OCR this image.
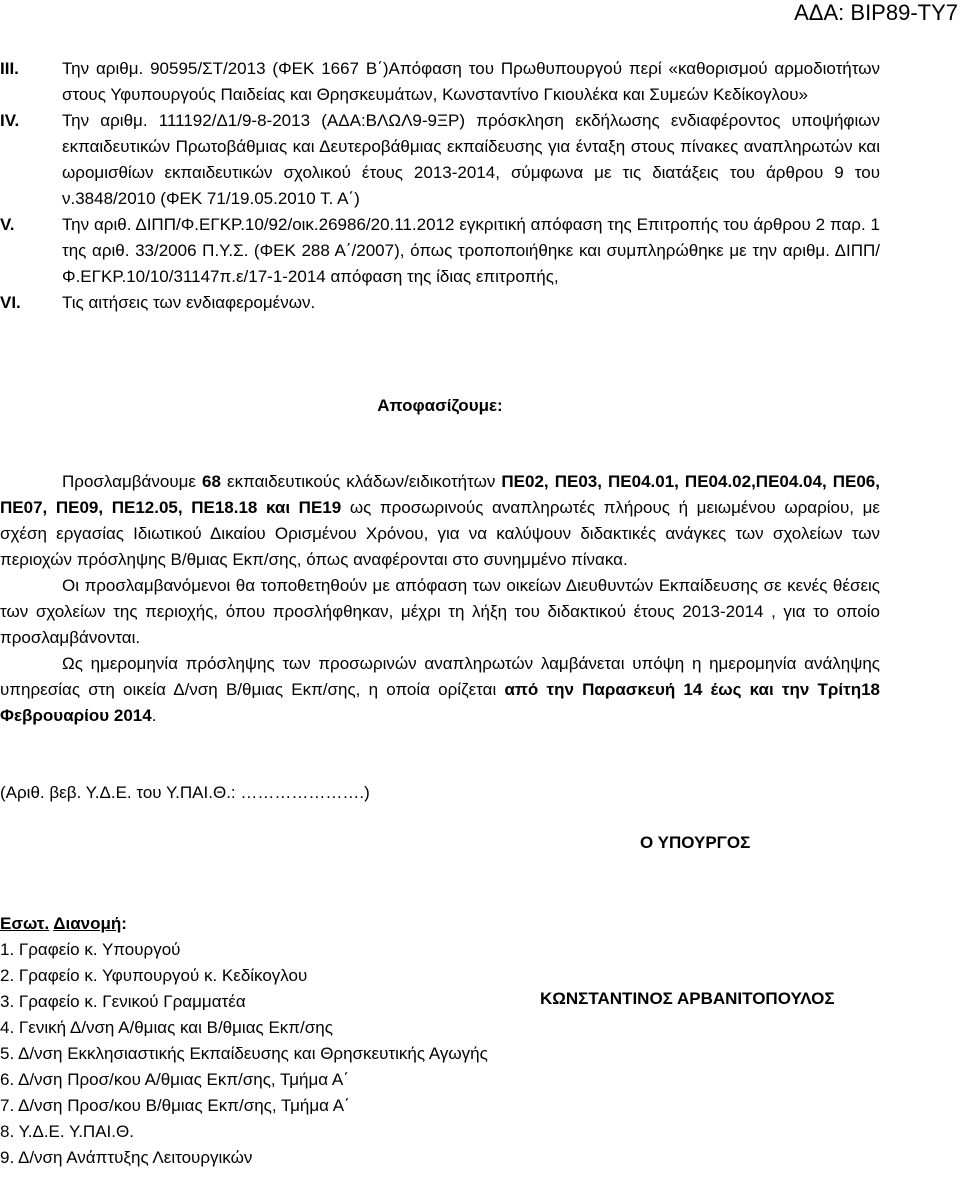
ΑΔΑ: ΒΙΡ89-ΤΥ7
III.	Την αριθμ. 90595/ΣΤ/2013 (ΦΕΚ 1667 Β΄)Απόφαση του Πρωθυπουργού περί «καθορισμού αρμοδιοτήτων στους Υφυπουργούς Παιδείας και Θρησκευμάτων, Κωνσταντίνο Γκιουλέκα και Συμεών Κεδίκογλου»
IV.	Την αριθμ. 111192/Δ1/9-8-2013 (ΑΔΑ:ΒΛΩΛ9-9ΞΡ) πρόσκληση εκδήλωσης ενδιαφέροντος υποψήφιων εκπαιδευτικών Πρωτοβάθμιας και Δευτεροβάθμιας εκπαίδευσης για ένταξη στους πίνακες αναπληρωτών και ωρομισθίων εκπαιδευτικών σχολικού έτους 2013-2014, σύμφωνα με τις διατάξεις του άρθρου 9 του ν.3848/2010 (ΦΕΚ 71/19.05.2010 Τ. Α΄)
V.	Την αριθ. ΔΙΠΠ/Φ.ΕΓΚΡ.10/92/οικ.26986/20.11.2012 εγκριτική απόφαση της Επιτροπής του άρθρου 2 παρ. 1 της αριθ. 33/2006 Π.Υ.Σ. (ΦΕΚ 288 Α΄/2007), όπως τροποποιήθηκε και συμπληρώθηκε με την αριθμ. ΔΙΠΠ/Φ.ΕΓΚΡ.10/10/31147π.ε/17-1-2014 απόφαση της ίδιας επιτροπής,
VI.	Τις αιτήσεις των ενδιαφερομένων.
Αποφασίζουμε:

Προσλαμβάνουμε 68 εκπαιδευτικούς κλάδων/ειδικοτήτων ΠΕ02, ΠΕ03, ΠΕ04.01, ΠΕ04.02,ΠΕ04.04, ΠΕ06, ΠΕ07, ΠΕ09, ΠΕ12.05, ΠΕ18.18 και ΠΕ19 ως προσωρινούς αναπληρωτές πλήρους ή μειωμένου ωραρίου, με σχέση εργασίας Ιδιωτικού Δικαίου Ορισμένου Χρόνου, για να καλύψουν διδακτικές ανάγκες των σχολείων των περιοχών πρόσληψης Β/θμιας Εκπ/σης, όπως αναφέρονται στο συνημμένο πίνακα.

Οι προσλαμβανόμενοι θα τοποθετηθούν με απόφαση των οικείων Διευθυντών Εκπαίδευσης σε κενές θέσεις των σχολείων της περιοχής, όπου προσλήφθηκαν, μέχρι τη λήξη του διδακτικού έτους 2013-2014 , για το οποίο προσλαμβάνονται.

Ως ημερομηνία πρόσληψης των προσωρινών αναπληρωτών λαμβάνεται υπόψη η ημερομηνία ανάληψης υπηρεσίας στη οικεία Δ/νση Β/θμιας Εκπ/σης, η οποία ορίζεται από την Παρασκευή 14 έως και την Τρίτη18 Φεβρουαρίου 2014.

(Αριθ. βεβ. Υ.Δ.Ε. του Υ.ΠΑΙ.Θ.: ………………….)
Ο ΥΠΟΥΡΓΟΣ
Εσωτ. Διανομή:
1. Γραφείο κ. Υπουργού
2. Γραφείο κ. Υφυπουργού κ. Κεδίκογλου
3. Γραφείο κ. Γενικού Γραμματέα
4. Γενική Δ/νση Α/θμιας και Β/θμιας Εκπ/σης
5. Δ/νση Εκκλησιαστικής Εκπαίδευσης και Θρησκευτικής Αγωγής
6. Δ/νση Προσ/κου Α/θμιας Εκπ/σης, Τμήμα Α΄
7. Δ/νση Προσ/κου Β/θμιας Εκπ/σης, Τμήμα Α΄
8. Υ.Δ.Ε. Υ.ΠΑΙ.Θ.
9. Δ/νση Ανάπτυξης Λειτουργικών
ΚΩΝΣΤΑΝΤΙΝΟΣ ΑΡΒΑΝΙΤΟΠΟΥΛΟΣ
